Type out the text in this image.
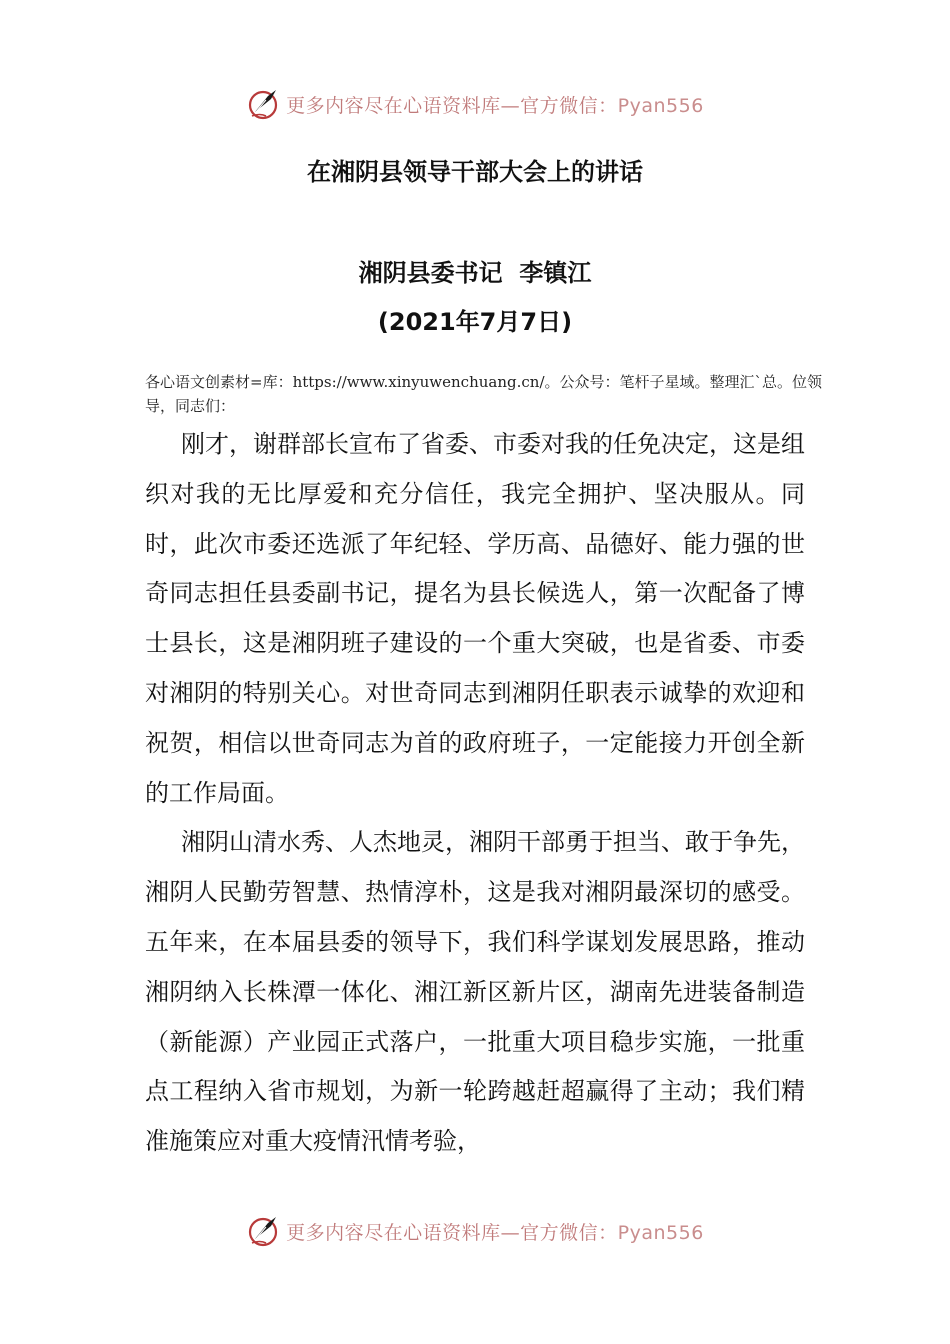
更多内容尽在心语资料库—官方微信：Pyan556
在湘阴县领导干部大会上的讲话
湘阴县委书记  李镇江
(2021年7月7日)
各心语文创素材=库：https://www.xinyuwenchuang.cn/。公众号：笔杆子星域。整理汇`总。位领导，同志们：

刚才，谢群部长宣布了省委、市委对我的任免决定，这是组织对我的无比厚爱和充分信任，我完全拥护、坚决服从。同时，此次市委还选派了年纪轻、学历高、品德好、能力强的世奇同志担任县委副书记，提名为县长候选人，第一次配备了博士县长，这是湘阴班子建设的一个重大突破，也是省委、市委对湘阴的特别关心。对世奇同志到湘阴任职表示诚挚的欢迎和祝贺，相信以世奇同志为首的政府班子，一定能接力开创全新的工作局面。

湘阴山清水秀、人杰地灵，湘阴干部勇于担当、敢于争先，湘阴人民勤劳智慧、热情淳朴，这是我对湘阴最深切的感受。五年来，在本届县委的领导下，我们科学谋划发展思路，推动湘阴纳入长株潭一体化、湘江新区新片区，湖南先进装备制造（新能源）产业园正式落户，一批重大项目稳步实施，一批重点工程纳入省市规划，为新一轮跨越赶超赢得了主动；我们精准施策应对重大疫情汛情考验，

更多内容尽在心语资料库—官方微信：Pyan556
